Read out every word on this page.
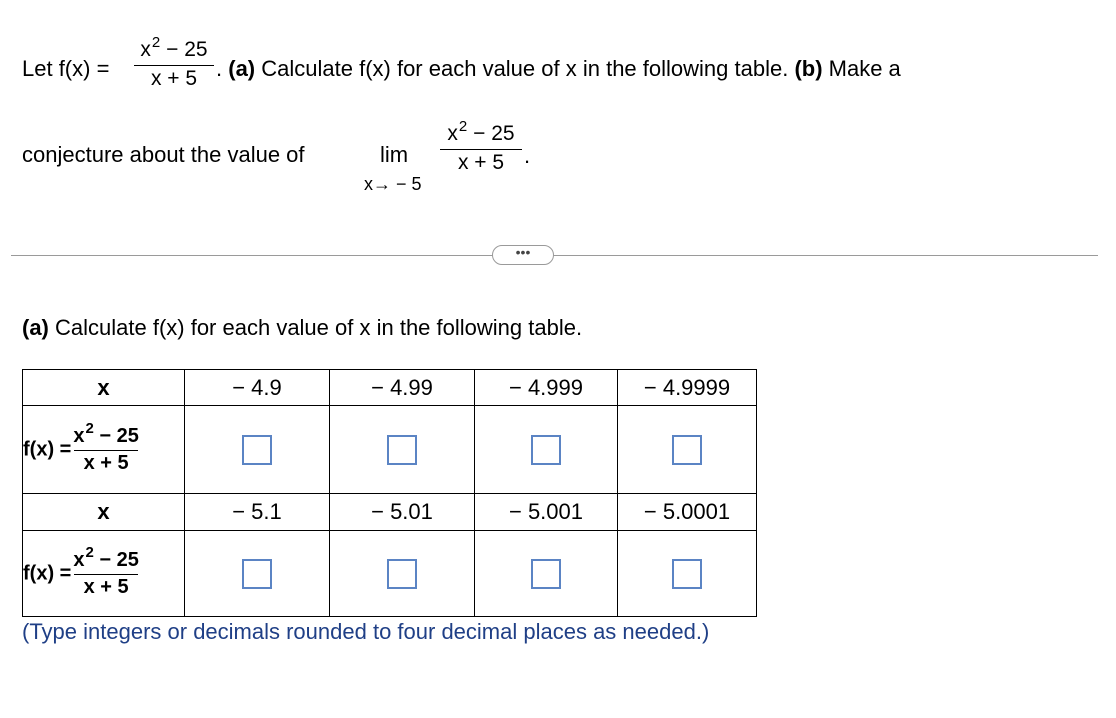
Let f(x) =
$x^2 - 25$
x + 5 . (a) Calculate f(x) for each value of x in the following table. (b) Make a
conjecture about the value of	lim
x→ − 5
$x^2 - 25$
x + 5 .
•••
(a) Calculate f(x) for each value of x in the following table.
x	− 4.9	− 4.99	− 4.999	− 4.9999
$f(x) = \frac{x^2 - 25}{x + 5}$

x	− 5.1	− 5.01	− 5.001	− 5.0001
$f(x) = \frac{x^2 - 25}{x + 5}$

(Type integers or decimals rounded to four decimal places as needed.)
